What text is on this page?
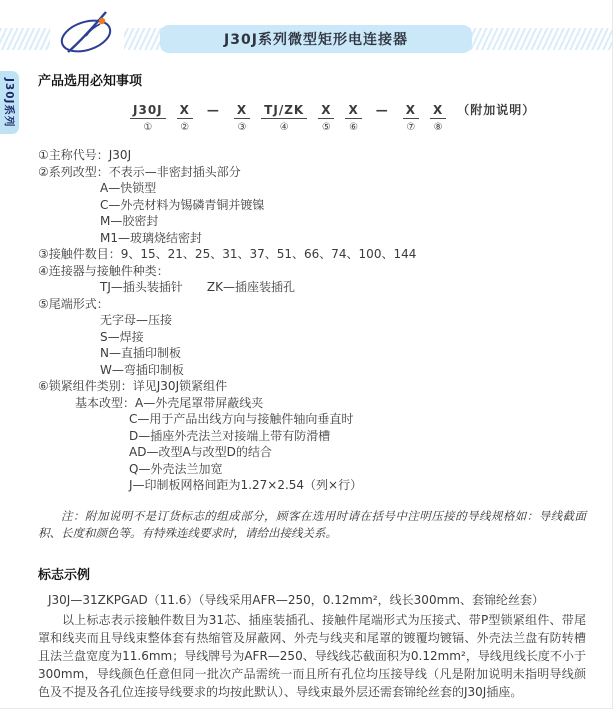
J30J系列微型矩形电连接器
J30J系列 产品选用必知事项
J30J
①
X
②
—
X
③
TJ/ZK
④
X
⑤
X
⑥
—
X
⑦
X
⑧
（附加说明）
①主称代号：J30J
②系列改型：不表示—非密封插头部分
A—快锁型
C—外壳材料为锡磷青铜并镀镍
M—胶密封
M1—玻璃烧结密封
③接触件数目：9、15、21、25、31、37、51、66、74、100、144
④连接器与接触件种类：
TJ—插头装插针　　ZK—插座装插孔
⑤尾端形式：
无字母—压接
S—焊接
N—直插印制板
W—弯插印制板
⑥锁紧组件类别：详见J30J锁紧组件
基本改型：A—外壳尾罩带屏蔽线夹
C—用于产品出线方向与接触件轴向垂直时
D—插座外壳法兰对接端上带有防滑槽
AD—改型A与改型D的结合
Q—外壳法兰加宽
J—印制板网格间距为1.27×2.54（列×行）

注：附加说明不是订货标志的组成部分，顾客在选用时请在括号中注明压接的导线规格如：导线截面积、长度和颜色等。有特殊连线要求时，请给出接线关系。

标志示例
J30J—31ZKPGAD（11.6）（导线采用AFR—250，0.12mm²，线长300mm、套锦纶丝套）

以上标志表示接触件数目为31芯、插座装插孔、接触件尾端形式为压接式、带P型锁紧组件、带尾罩和线夹而且导线束整体套有热缩管及屏蔽网、外壳与线夹和尾罩的镀覆均镀镉、外壳法兰盘有防转槽且法兰盘宽度为11.6mm；导线牌号为AFR—250、导线线芯截面积为0.12mm²，导线甩线长度不小于300mm，导线颜色任意但同一批次产品需统一而且所有孔位均压接导线（凡是附加说明未指明导线颜色及不提及各孔位连接导线要求的均按此默认）、导线束最外层还需套锦纶丝套的J30J插座。
